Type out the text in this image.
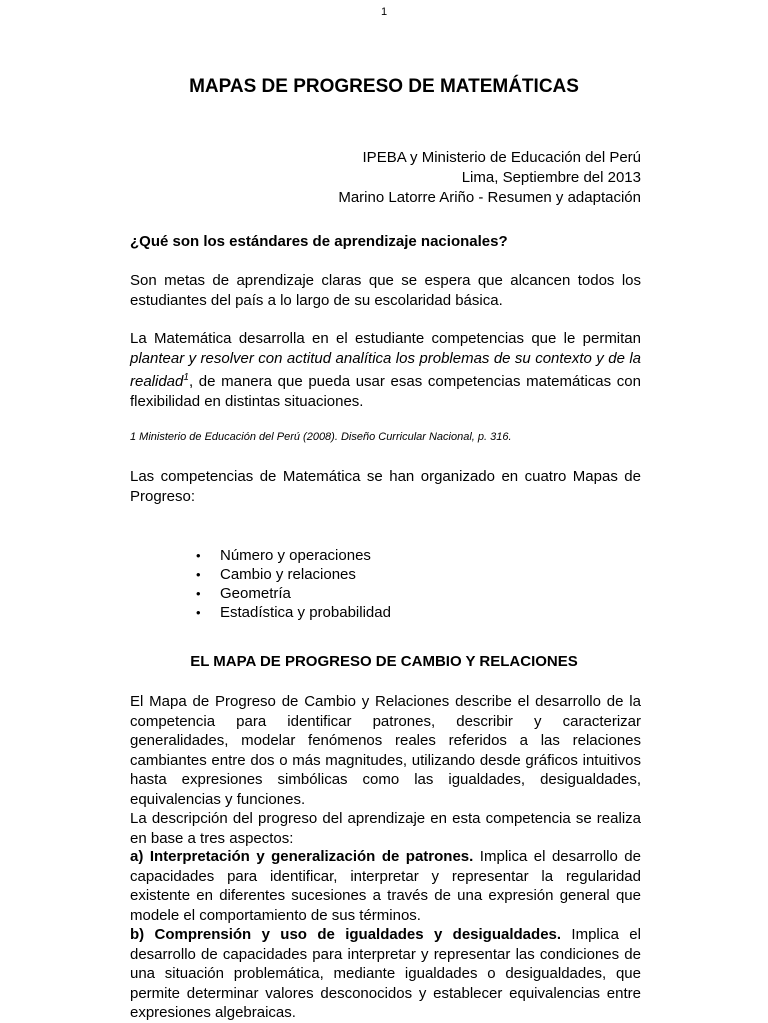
1
MAPAS DE PROGRESO DE MATEMÁTICAS
IPEBA y Ministerio de Educación del Perú
Lima, Septiembre del 2013
Marino Latorre Ariño - Resumen y adaptación
¿Qué son los estándares de aprendizaje nacionales?
Son metas de aprendizaje claras que se espera que alcancen todos los estudiantes del país a lo largo de su escolaridad básica.
La Matemática desarrolla en el estudiante competencias que le permitan plantear y resolver con actitud analítica los problemas de su contexto y de la realidad$^1$, de manera que pueda usar esas competencias matemáticas con flexibilidad en distintas situaciones.
1 Ministerio de Educación del Perú (2008). Diseño Curricular Nacional, p. 316.
Las competencias de Matemática se han organizado en cuatro Mapas de Progreso:
• Número y operaciones
• Cambio y relaciones
• Geometría
• Estadística y probabilidad
EL MAPA DE PROGRESO DE CAMBIO Y RELACIONES
El Mapa de Progreso de Cambio y Relaciones describe el desarrollo de la competencia para identificar patrones, describir y caracterizar generalidades, modelar fenómenos reales referidos a las relaciones cambiantes entre dos o más magnitudes, utilizando desde gráficos intuitivos hasta expresiones simbólicas como las igualdades, desigualdades, equivalencias y funciones.
La descripción del progreso del aprendizaje en esta competencia se realiza en base a tres aspectos:
a) Interpretación y generalización de patrones. Implica el desarrollo de capacidades para identificar, interpretar y representar la regularidad existente en diferentes sucesiones a través de una expresión general que modele el comportamiento de sus términos.
b) Comprensión y uso de igualdades y desigualdades. Implica el desarrollo de capacidades para interpretar y representar las condiciones de una situación problemática, mediante igualdades o desigualdades, que permite determinar valores desconocidos y establecer equivalencias entre expresiones algebraicas.
